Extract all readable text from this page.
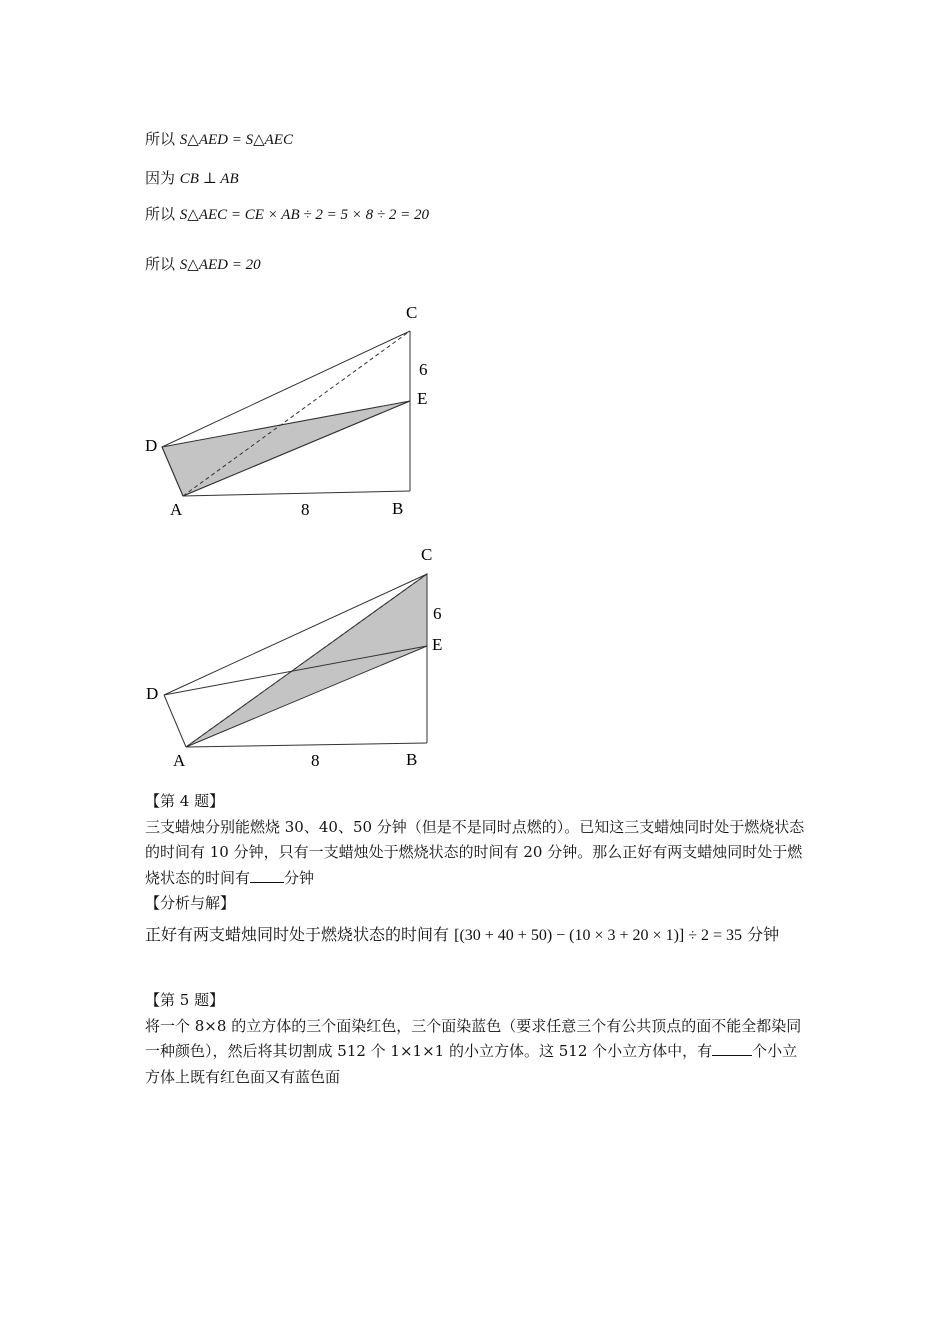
所以 S△AED = S△AEC
因为 CB ⊥ AB
所以 S△AEC = CE × AB ÷ 2 = 5 × 8 ÷ 2 = 20
所以 S△AED = 20
C
6
E
D
A	8	B
C
6
E
D
A	8	B
【第 4 题】
三支蜡烛分别能燃烧 30、40、50 分钟（但是不是同时点燃的）。已知这三支蜡烛同时处于燃烧状态的时间有 10 分钟，只有一支蜡烛处于燃烧状态的时间有 20 分钟。那么正好有两支蜡烛同时处于燃烧状态的时间有 分钟
【分析与解】
正好有两支蜡烛同时处于燃烧状态的时间有 [(30 + 40 + 50) − (10 × 3 + 20 × 1)] ÷ 2 = 35 分钟
【第 5 题】
将一个 8×8 的立方体的三个面染红色，三个面染蓝色（要求任意三个有公共顶点的面不能全都染同一种颜色），然后将其切割成 512 个 1×1×1 的小立方体。这 512 个小立方体中，有	个小立方体上既有红色面又有蓝色面
